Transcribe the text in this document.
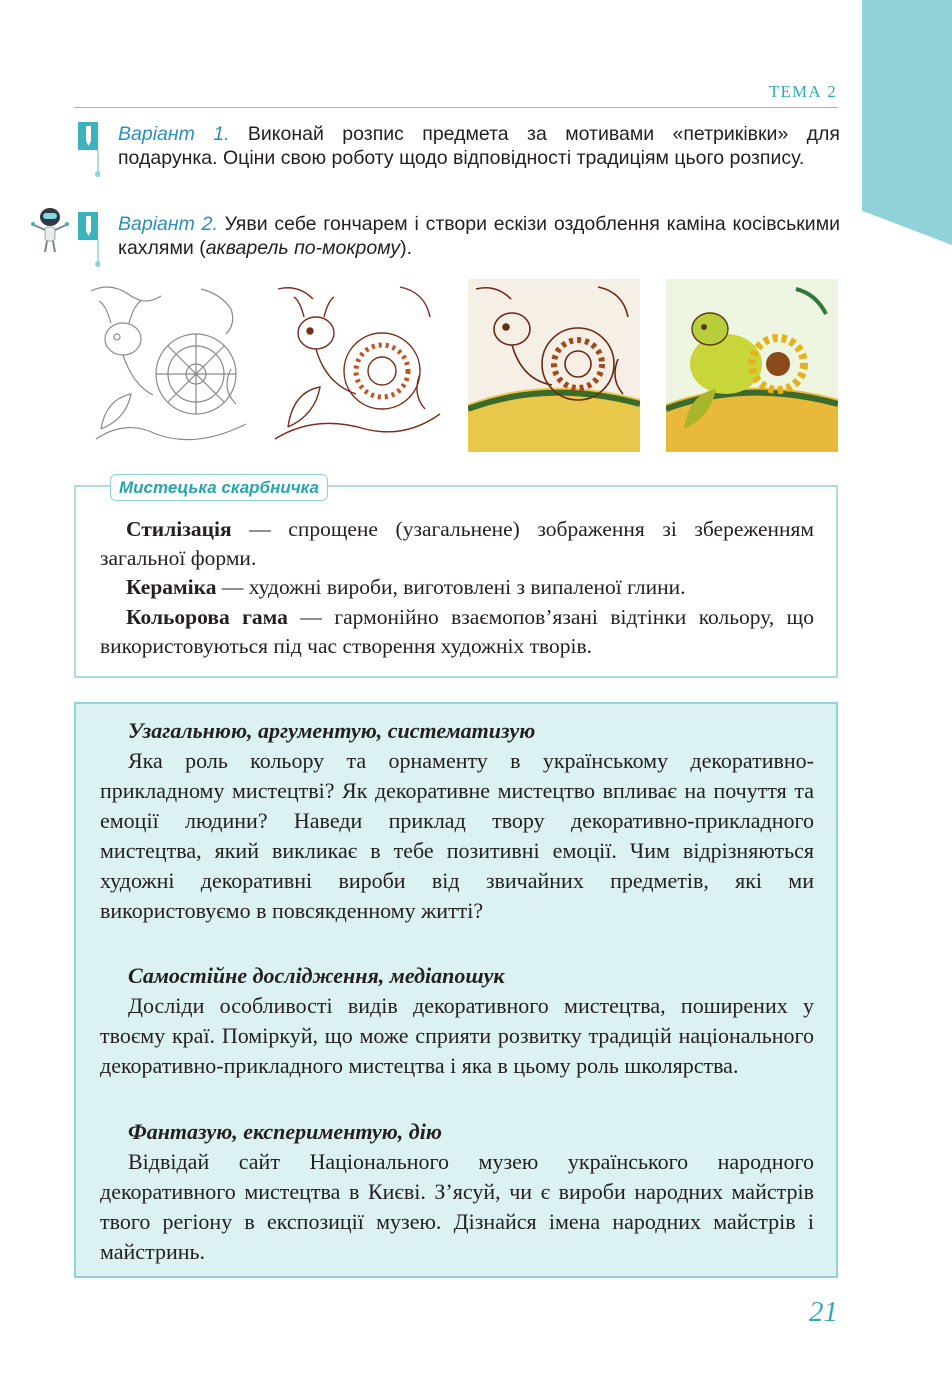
ТЕМА 2
Варіант 1. Виконай розпис предмета за мотивами «петриківки» для подарунка. Оціни свою роботу щодо відповідності традиціям цього розпису.
Варіант 2. Уяви себе гончарем і створи ескізи оздоблення каміна косівськими кахлями (акварель по-мокрому).
Мистецька скарбничка
Стилізація — спрощене (узагальнене) зображення зі збереженням загальної форми.
Кераміка — художні вироби, виготовлені з випаленої глини.
Кольорова гама — гармонійно взаємопов’язані відтінки кольору, що використовуються під час створення художніх творів.
Узагальнюю, аргументую, систематизую
Яка роль кольору та орнаменту в українському декоративно-прикладному мистецтві? Як декоративне мистецтво впливає на почуття та емоції людини? Наведи приклад твору декоративно-прикладного мистецтва, який викликає в тебе позитивні емоції. Чим відрізняються художні декоративні вироби від звичайних предметів, які ми використовуємо в повсякденному житті?
Самостійне дослідження, медіапошук
Досліди особливості видів декоративного мистецтва, поширених у твоєму краї. Поміркуй, що може сприяти розвитку традицій національного декоративно-прикладного мистецтва і яка в цьому роль школярства.
Фантазую, експериментую, дію
Відвідай сайт Національного музею українського народного декоративного мистецтва в Києві. З’ясуй, чи є вироби народних майстрів твого регіону в експозиції музею. Дізнайся імена народних майстрів і майстринь.
21
